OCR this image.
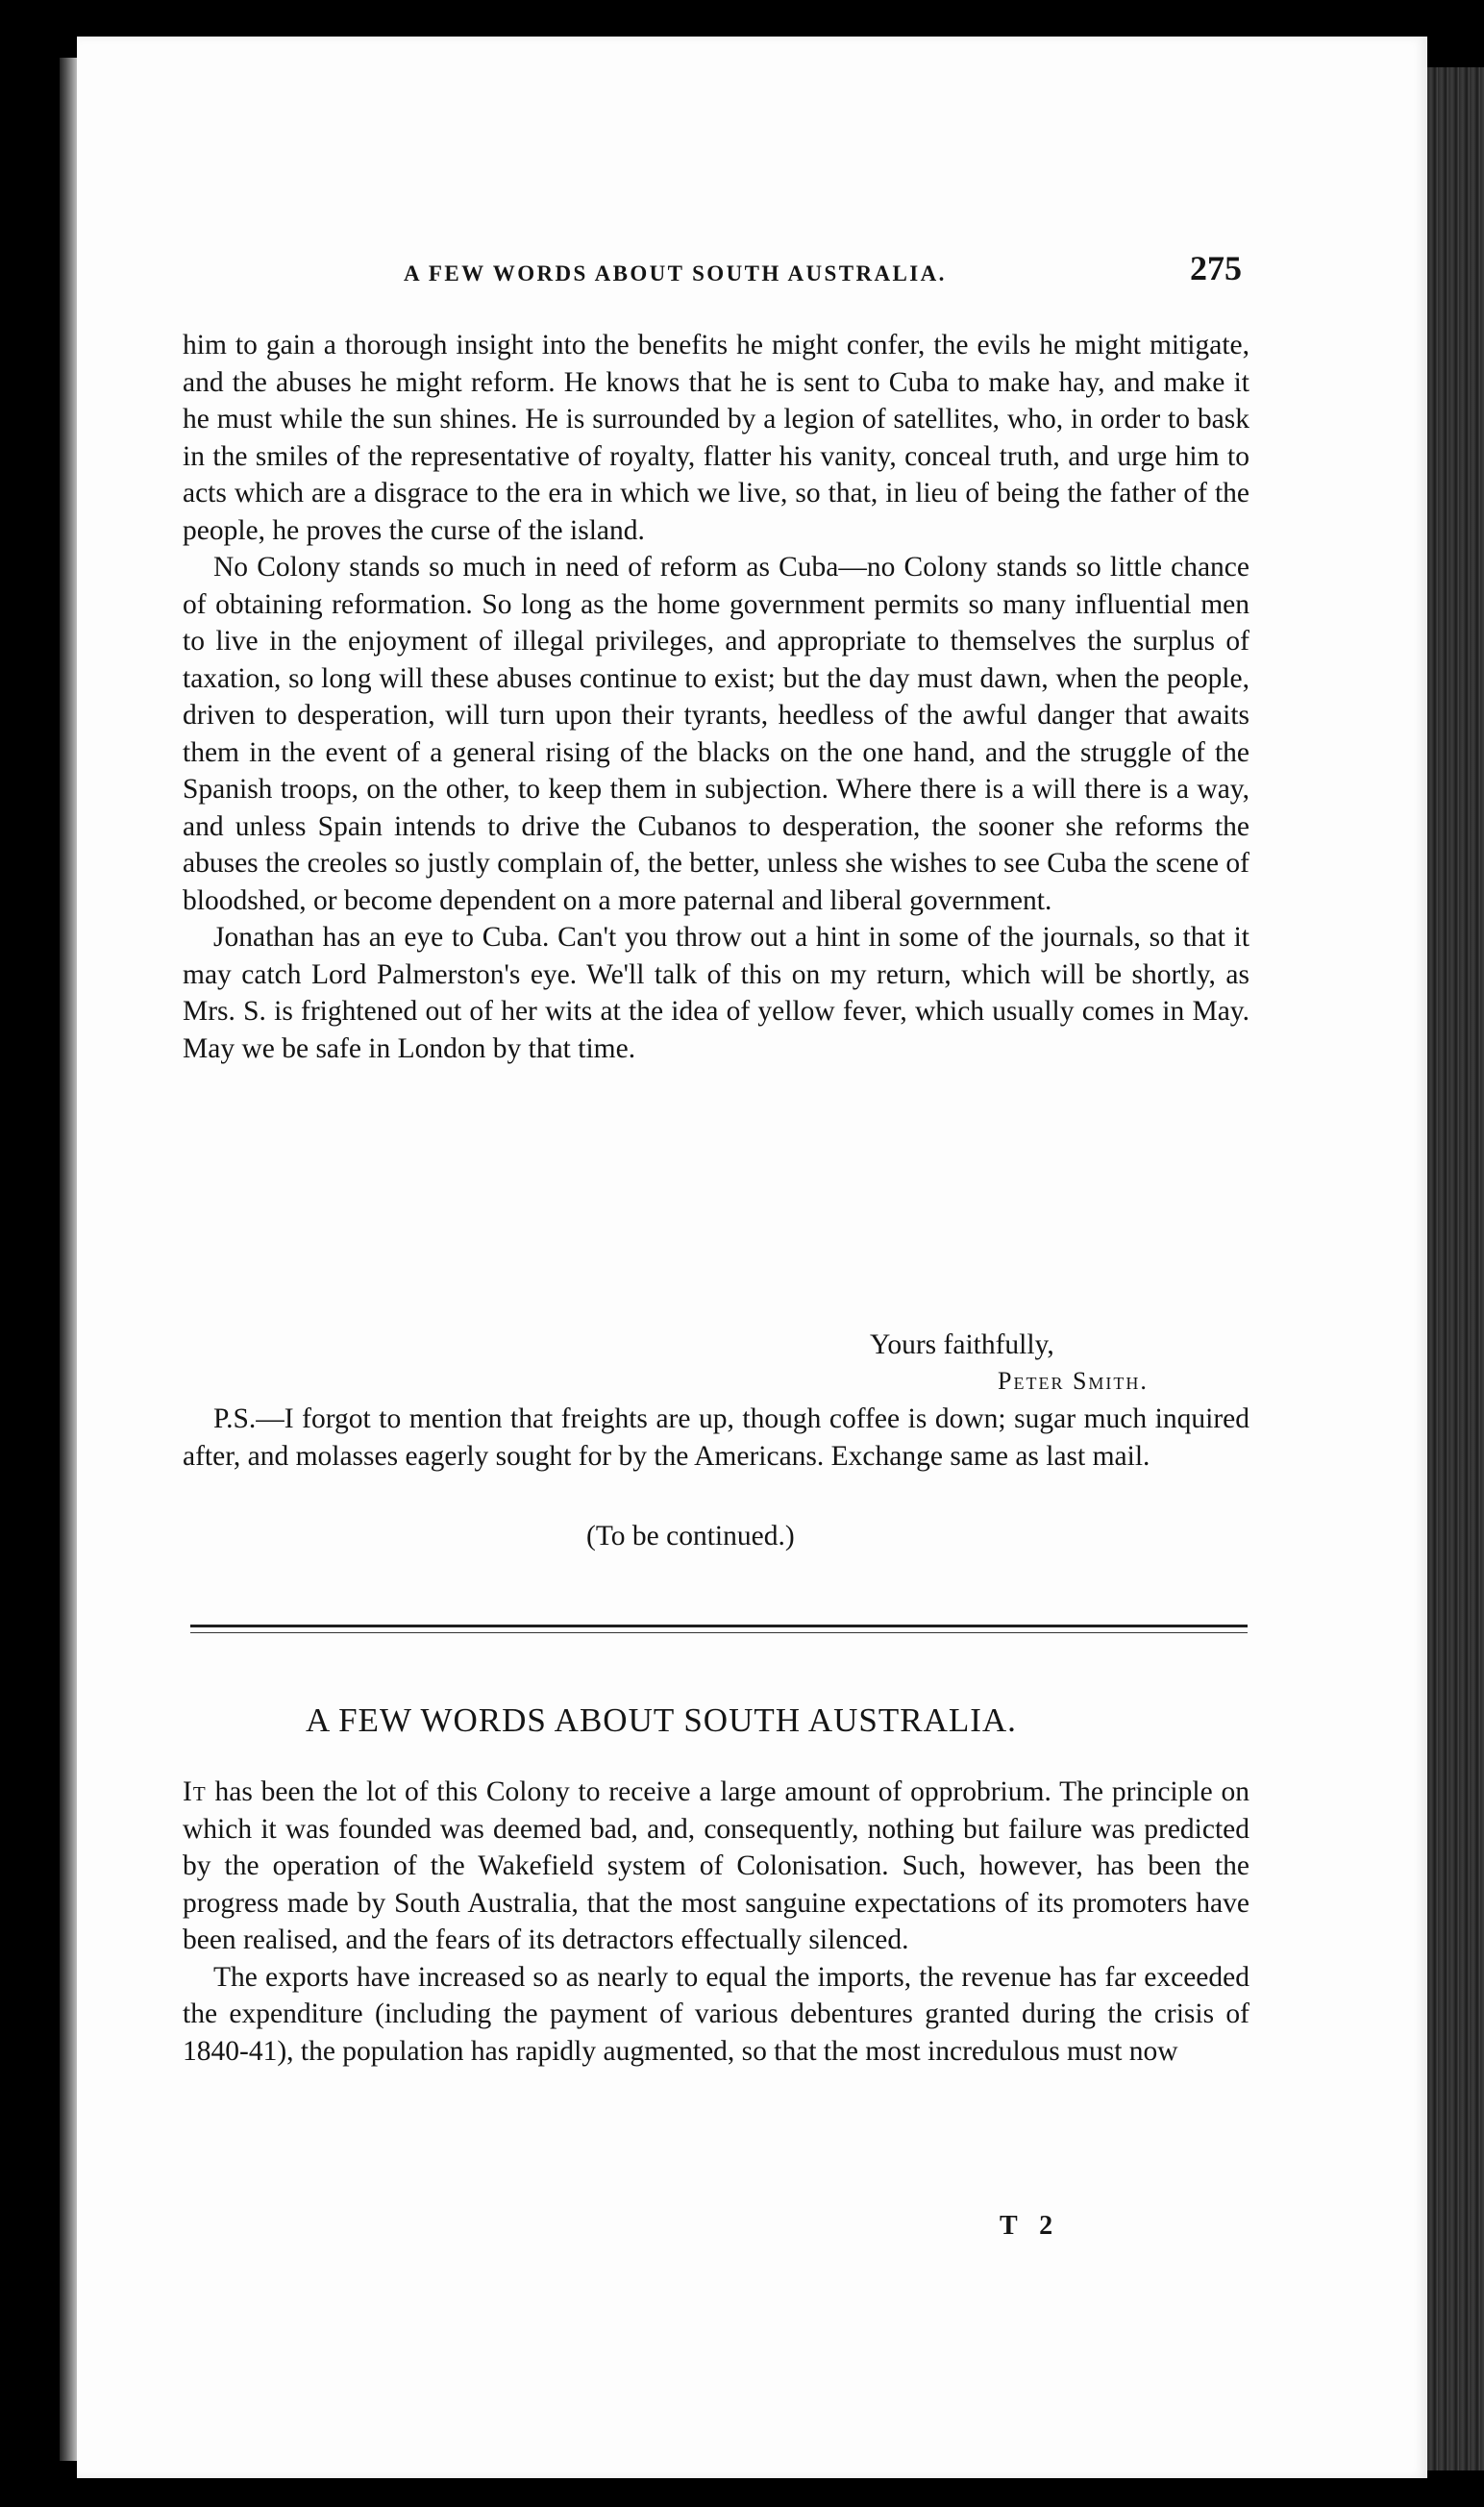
A FEW WORDS ABOUT SOUTH AUSTRALIA.	275

him to gain a thorough insight into the benefits he might confer, the evils he might mitigate, and the abuses he might reform. He knows that he is sent to Cuba to make hay, and make it he must while the sun shines. He is surrounded by a legion of satellites, who, in order to bask in the smiles of the representative of royalty, flatter his vanity, conceal truth, and urge him to acts which are a disgrace to the era in which we live, so that, in lieu of being the father of the people, he proves the curse of the island.

No Colony stands so much in need of reform as Cuba—no Colony stands so little chance of obtaining reformation. So long as the home government permits so many influential men to live in the enjoyment of illegal privileges, and appropriate to themselves the surplus of taxation, so long will these abuses continue to exist; but the day must dawn, when the people, driven to desperation, will turn upon their tyrants, heedless of the awful danger that awaits them in the event of a general rising of the blacks on the one hand, and the struggle of the Spanish troops, on the other, to keep them in subjection. Where there is a will there is a way, and unless Spain intends to drive the Cubanos to desperation, the sooner she reforms the abuses the creoles so justly complain of, the better, unless she wishes to see Cuba the scene of bloodshed, or become dependent on a more paternal and liberal government.

Jonathan has an eye to Cuba. Can't you throw out a hint in some of the journals, so that it may catch Lord Palmerston's eye. We'll talk of this on my return, which will be shortly, as Mrs. S. is frightened out of her wits at the idea of yellow fever, which usually comes in May. May we be safe in London by that time.

Yours faithfully,
Peter Smith.

P.S.—I forgot to mention that freights are up, though coffee is down; sugar much inquired after, and molasses eagerly sought for by the Americans. Exchange same as last mail.

(To be continued.)
A FEW WORDS ABOUT SOUTH AUSTRALIA.

It has been the lot of this Colony to receive a large amount of opprobrium. The principle on which it was founded was deemed bad, and, consequently, nothing but failure was predicted by the operation of the Wakefield system of Colonisation. Such, however, has been the progress made by South Australia, that the most sanguine expectations of its promoters have been realised, and the fears of its detractors effectually silenced.

The exports have increased so as nearly to equal the imports, the revenue has far exceeded the expenditure (including the payment of various debentures granted during the crisis of 1840-41), the population has rapidly augmented, so that the most incredulous must now

T 2
